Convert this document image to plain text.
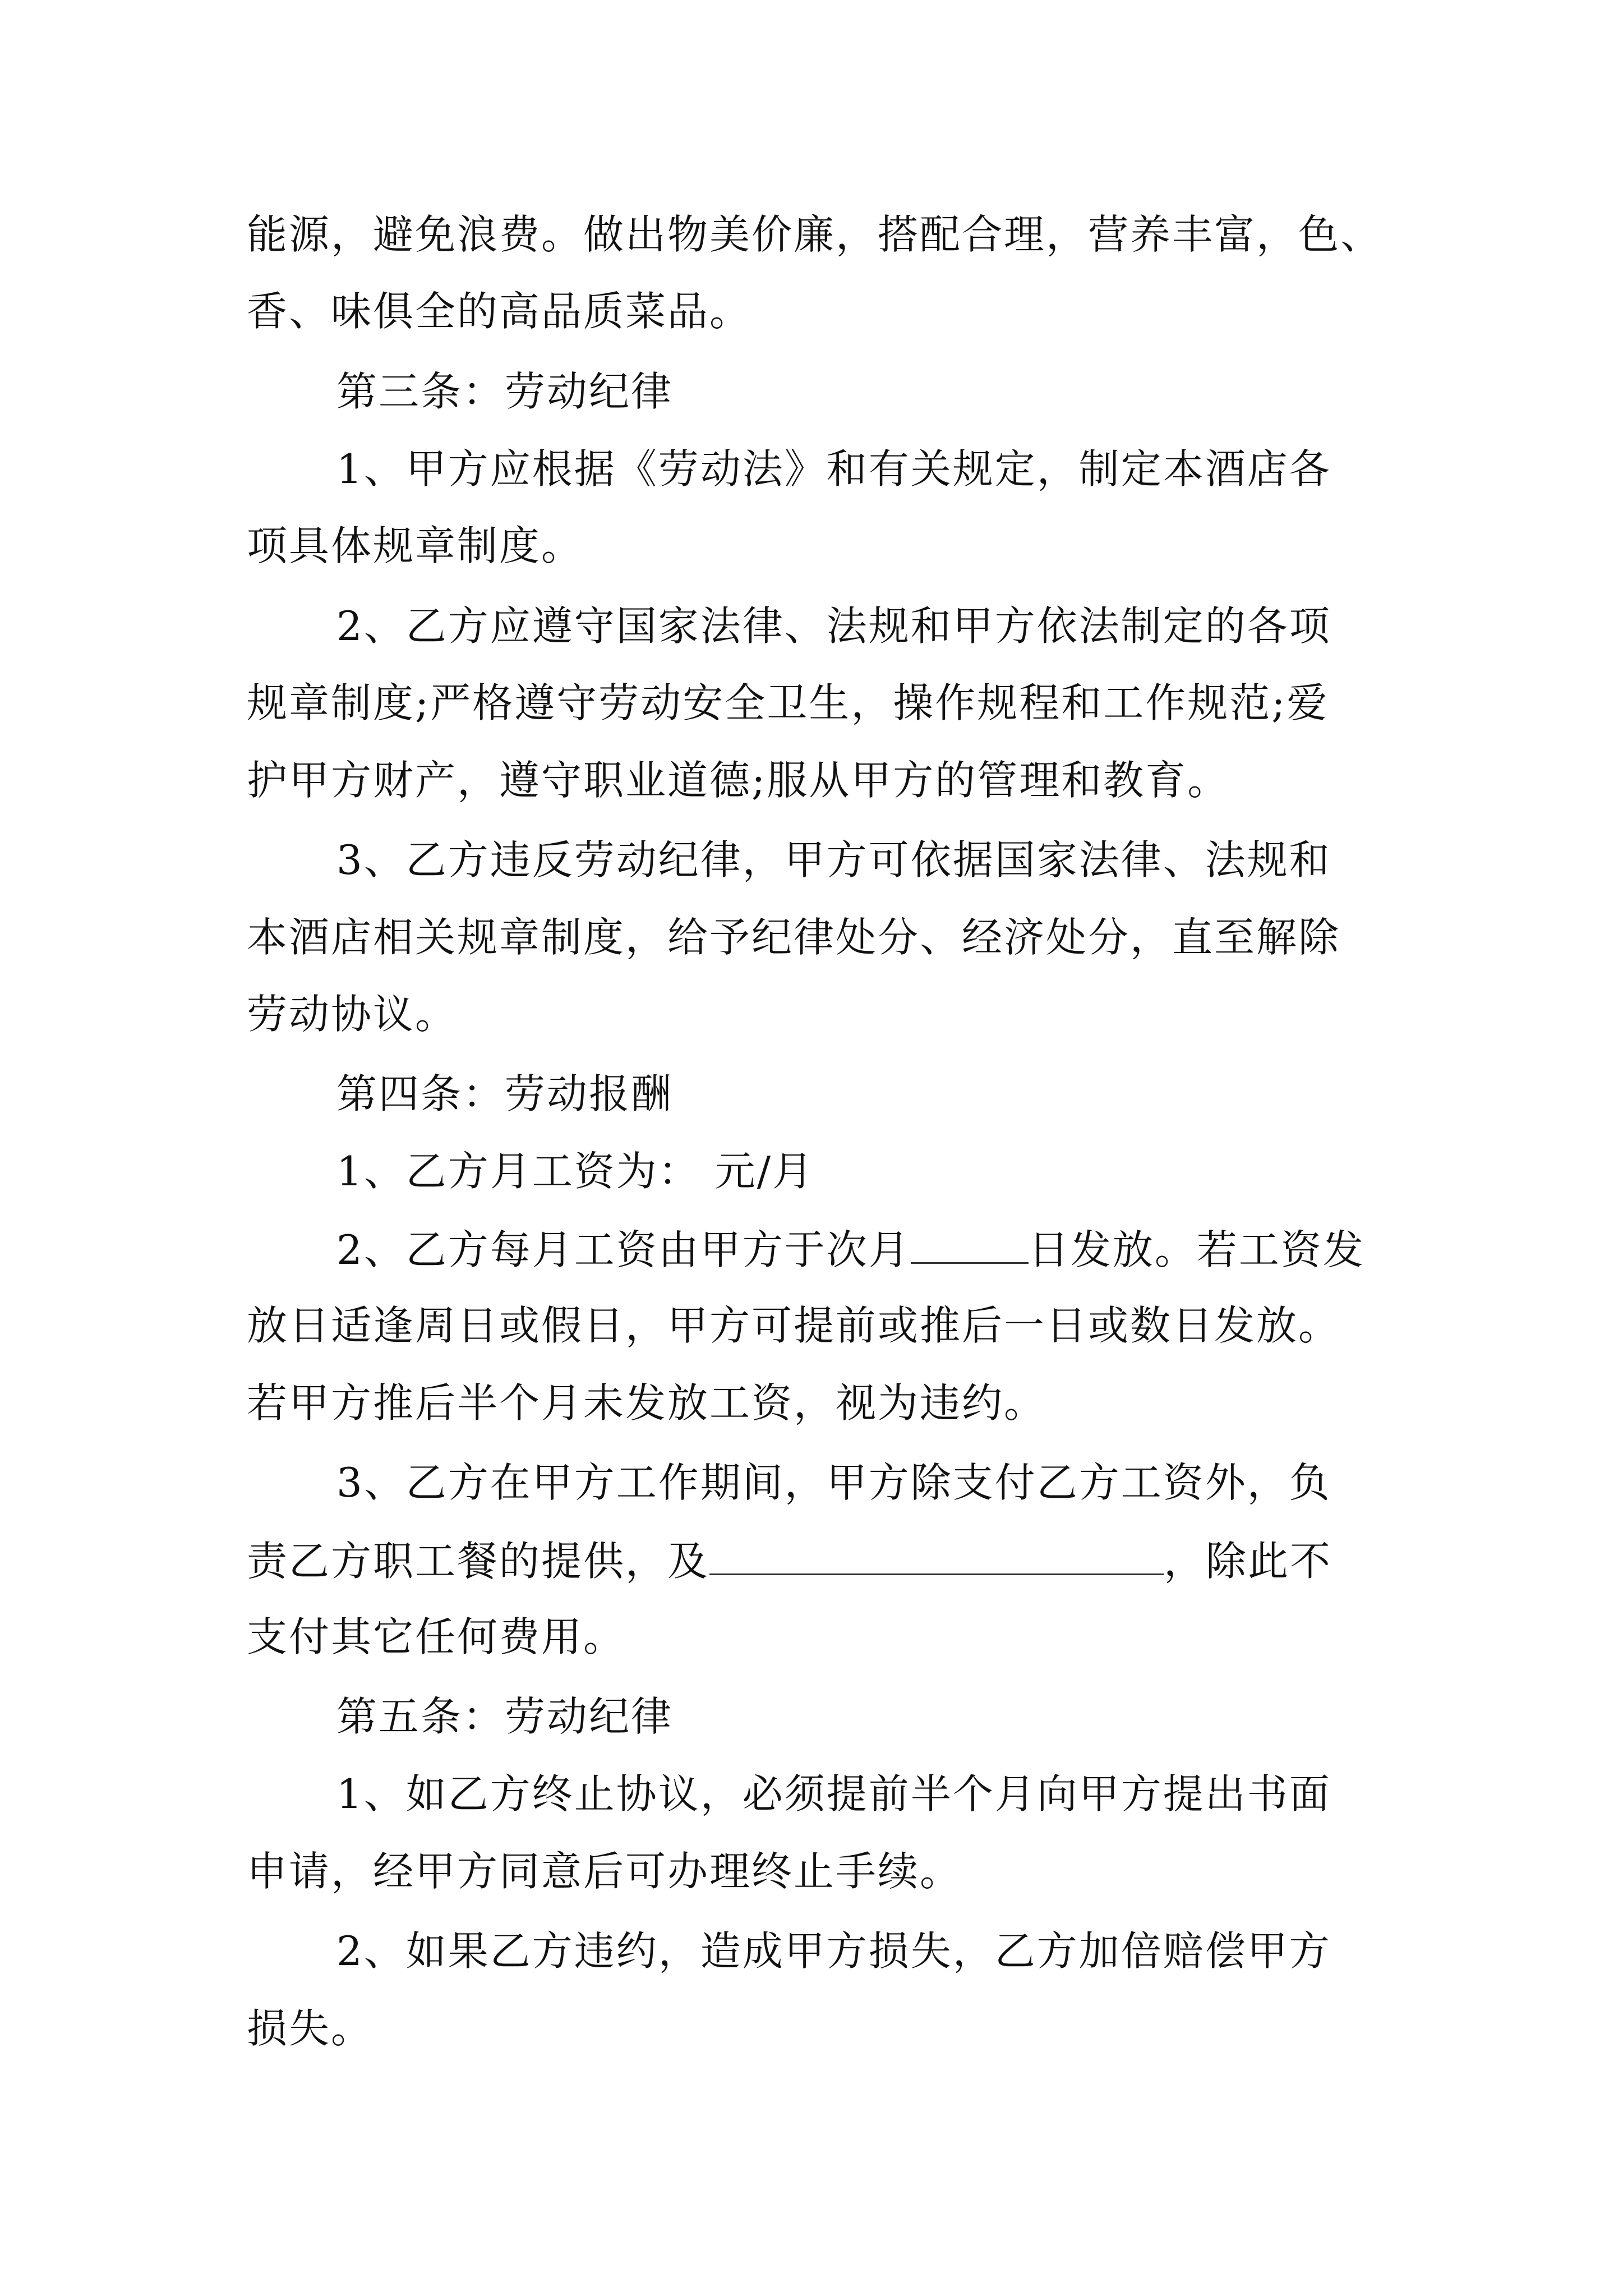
能源，避免浪费。做出物美价廉，搭配合理，营养丰富，色、
香、味俱全的高品质菜品。
第三条：劳动纪律
1、甲方应根据《劳动法》和有关规定，制定本酒店各
项具体规章制度。
2、乙方应遵守国家法律、法规和甲方依法制定的各项
规章制度;严格遵守劳动安全卫生，操作规程和工作规范;爱
护甲方财产，遵守职业道德;服从甲方的管理和教育。
3、乙方违反劳动纪律，甲方可依据国家法律、法规和
本酒店相关规章制度，给予纪律处分、经济处分，直至解除
劳动协议。
第四条：劳动报酬
1、乙方月工资为： 元/月
2、乙方每月工资由甲方于次月	日发放。若工资发
放日适逢周日或假日，甲方可提前或推后一日或数日发放。
若甲方推后半个月未发放工资，视为违约。
3、乙方在甲方工作期间，甲方除支付乙方工资外，负
责乙方职工餐的提供，及	，除此不
支付其它任何费用。
第五条：劳动纪律
1、如乙方终止协议，必须提前半个月向甲方提出书面
申请，经甲方同意后可办理终止手续。
2、如果乙方违约，造成甲方损失，乙方加倍赔偿甲方
损失。
